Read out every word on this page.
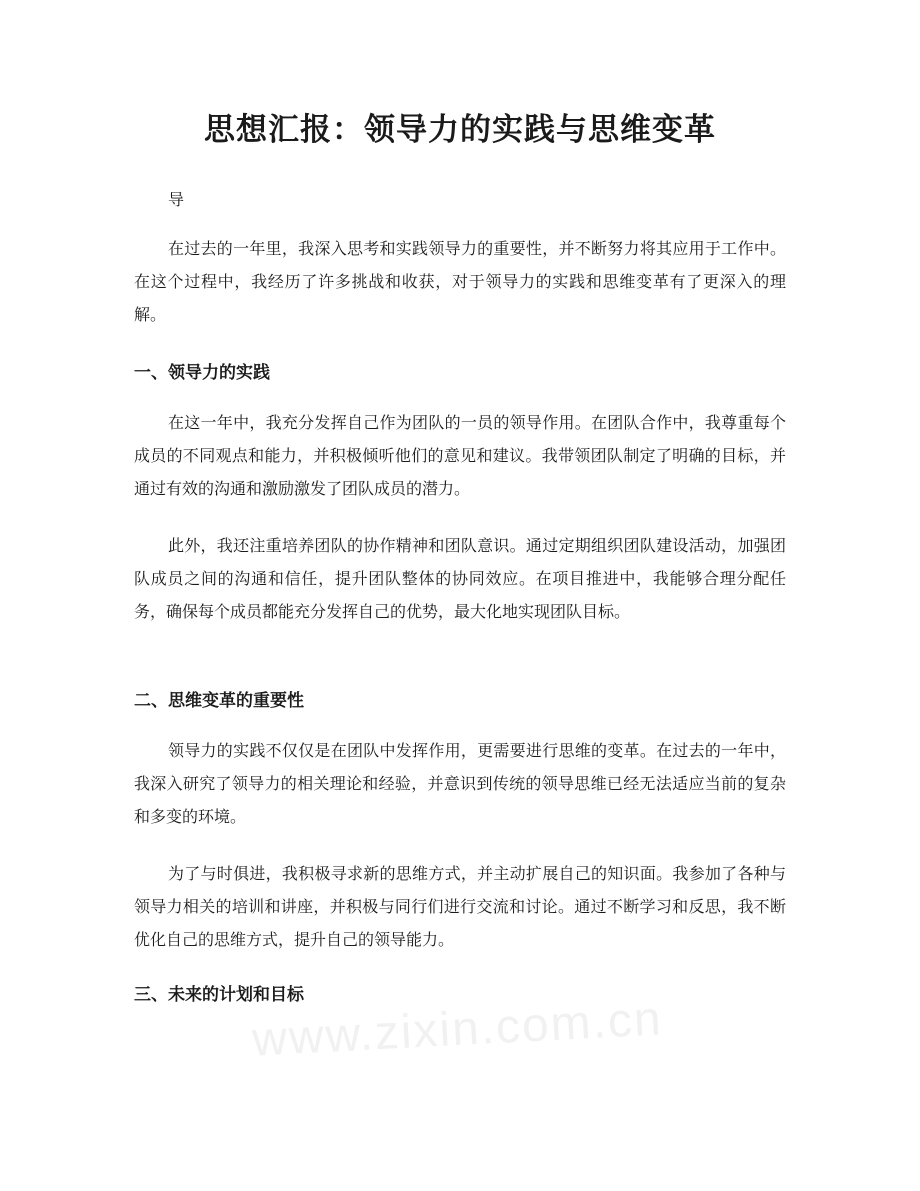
思想汇报：领导力的实践与思维变革

导

在过去的一年里，我深入思考和实践领导力的重要性，并不断努力将其应用于工作中。在这个过程中，我经历了许多挑战和收获，对于领导力的实践和思维变革有了更深入的理解。

一、领导力的实践

在这一年中，我充分发挥自己作为团队的一员的领导作用。在团队合作中，我尊重每个成员的不同观点和能力，并积极倾听他们的意见和建议。我带领团队制定了明确的目标，并通过有效的沟通和激励激发了团队成员的潜力。

此外，我还注重培养团队的协作精神和团队意识。通过定期组织团队建设活动，加强团队成员之间的沟通和信任，提升团队整体的协同效应。在项目推进中，我能够合理分配任务，确保每个成员都能充分发挥自己的优势，最大化地实现团队目标。

二、思维变革的重要性

领导力的实践不仅仅是在团队中发挥作用，更需要进行思维的变革。在过去的一年中，我深入研究了领导力的相关理论和经验，并意识到传统的领导思维已经无法适应当前的复杂和多变的环境。

为了与时俱进，我积极寻求新的思维方式，并主动扩展自己的知识面。我参加了各种与领导力相关的培训和讲座，并积极与同行们进行交流和讨论。通过不断学习和反思，我不断优化自己的思维方式，提升自己的领导能力。

三、未来的计划和目标
www.zixin.com.cn
